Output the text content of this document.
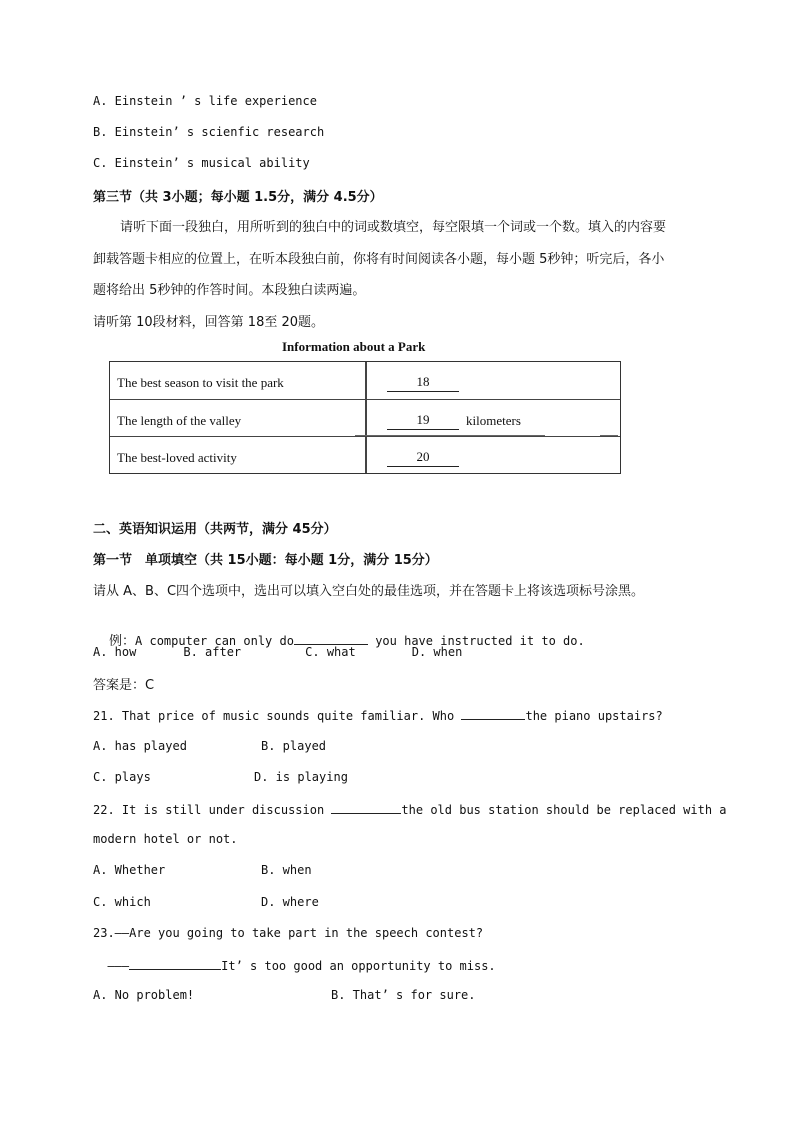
A. Einstein ’ s life experience
B. Einstein’ s scienfic research
C. Einstein’ s musical ability
第三节（共 3小题；每小题 1.5分，满分 4.5分）
请听下面一段独白，用所听到的独白中的词或数填空，每空限填一个词或一个数。填入的内容要
卸载答题卡相应的位置上，在听本段独白前，你将有时间阅读各小题，每小题 5秒钟；听完后，各小
题将给出 5秒钟的作答时间。本段独白读两遍。
请听第 10段材料，回答第 18至 20题。
Information about a Park
The best season to visit the park	18
The length of the valley	19	kilometers
The best-loved activity	20
二、英语知识运用（共两节，满分 45分）
第一节　单项填空（共 15小题：每小题 1分，满分 15分）
请从 A、B、C四个选项中，选出可以填入空白处的最佳选项，并在答题卡上将该选项标号涂黑。

例：A computer can only do	you have instructed it to do.

A. how	B. after	C. what	D. when
答案是：C
21. That price of music sounds quite familiar. Who	the piano upstairs?
A. has played	B. played
C. plays	D. is playing
22. It is still under discussion	the old bus station should be replaced with a
modern hotel or not.
A. Whether	B. when
C. which	D. where
23.——Are you going to take part in the speech contest?
———	It’ s too good an opportunity to miss.
A. No problem!	B. That’ s for sure.
